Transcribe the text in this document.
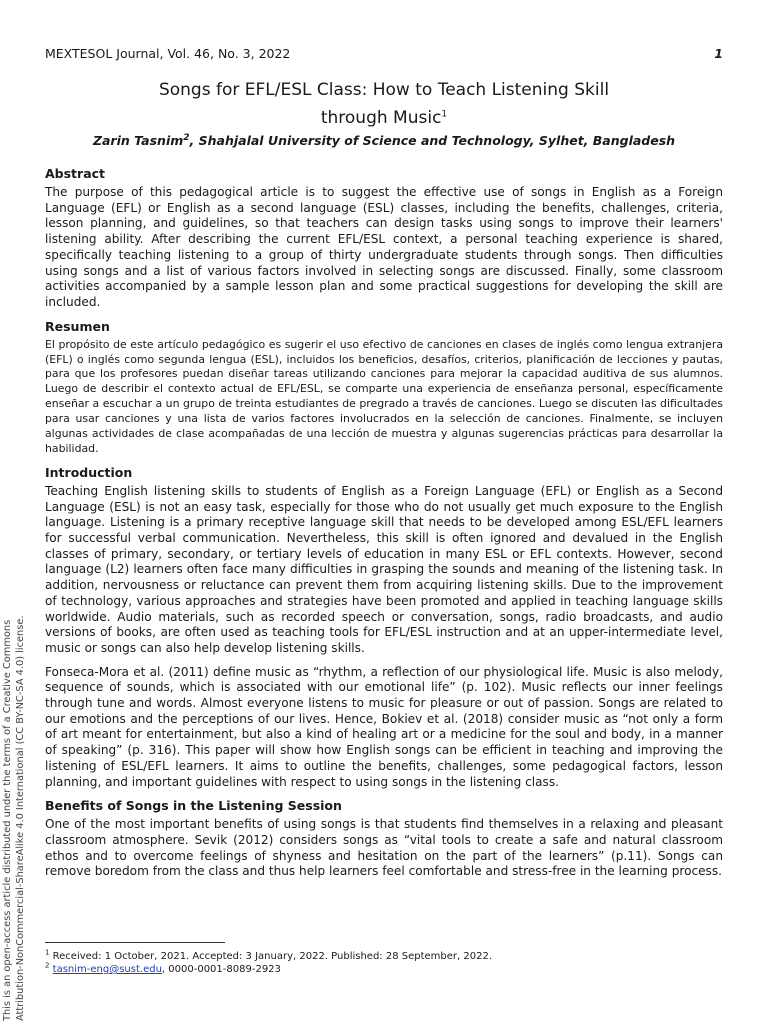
MEXTESOL Journal, Vol. 46, No. 3, 2022	1
Songs for EFL/ESL Class: How to Teach Listening Skill
through Music$^1$
Zarin Tasnim$^2$, Shahjalal University of Science and Technology, Sylhet, Bangladesh
Abstract

The purpose of this pedagogical article is to suggest the effective use of songs in English as a Foreign Language (EFL) or English as a second language (ESL) classes, including the benefits, challenges, criteria, lesson planning, and guidelines, so that teachers can design tasks using songs to improve their learners' listening ability. After describing the current EFL/ESL context, a personal teaching experience is shared, specifically teaching listening to a group of thirty undergraduate students through songs. Then difficulties using songs and a list of various factors involved in selecting songs are discussed. Finally, some classroom activities accompanied by a sample lesson plan and some practical suggestions for developing the skill are included.

Resumen

El propósito de este artículo pedagógico es sugerir el uso efectivo de canciones en clases de inglés como lengua extranjera (EFL) o inglés como segunda lengua (ESL), incluidos los beneficios, desafíos, criterios, planificación de lecciones y pautas, para que los profesores puedan diseñar tareas utilizando canciones para mejorar la capacidad auditiva de sus alumnos. Luego de describir el contexto actual de EFL/ESL, se comparte una experiencia de enseñanza personal, específicamente enseñar a escuchar a un grupo de treinta estudiantes de pregrado a través de canciones. Luego se discuten las dificultades para usar canciones y una lista de varios factores involucrados en la selección de canciones. Finalmente, se incluyen algunas actividades de clase acompañadas de una lección de muestra y algunas sugerencias prácticas para desarrollar la habilidad.

Introduction

Teaching English listening skills to students of English as a Foreign Language (EFL) or English as a Second Language (ESL) is not an easy task, especially for those who do not usually get much exposure to the English language. Listening is a primary receptive language skill that needs to be developed among ESL/EFL learners for successful verbal communication. Nevertheless, this skill is often ignored and devalued in the English classes of primary, secondary, or tertiary levels of education in many ESL or EFL contexts. However, second language (L2) learners often face many difficulties in grasping the sounds and meaning of the listening task. In addition, nervousness or reluctance can prevent them from acquiring listening skills. Due to the improvement of technology, various approaches and strategies have been promoted and applied in teaching language skills worldwide. Audio materials, such as recorded speech or conversation, songs, radio broadcasts, and audio versions of books, are often used as teaching tools for EFL/ESL instruction and at an upper-intermediate level, music or songs can also help develop listening skills.

Fonseca-Mora et al. (2011) define music as “rhythm, a reflection of our physiological life. Music is also melody, sequence of sounds, which is associated with our emotional life” (p. 102). Music reflects our inner feelings through tune and words. Almost everyone listens to music for pleasure or out of passion. Songs are related to our emotions and the perceptions of our lives. Hence, Bokiev et al. (2018) consider music as “not only a form of art meant for entertainment, but also a kind of healing art or a medicine for the soul and body, in a manner of speaking” (p. 316). This paper will show how English songs can be efficient in teaching and improving the listening of ESL/EFL learners. It aims to outline the benefits, challenges, some pedagogical factors, lesson planning, and important guidelines with respect to using songs in the listening class.

Benefits of Songs in the Listening Session

One of the most important benefits of using songs is that students find themselves in a relaxing and pleasant classroom atmosphere. Sevik (2012) considers songs as “vital tools to create a safe and natural classroom ethos and to overcome feelings of shyness and hesitation on the part of the learners” (p.11). Songs can remove boredom from the class and thus help learners feel comfortable and stress-free in the learning process.

This is an open-access article distributed under the terms of a Creative Commons Attribution-NonCommercial-ShareAlike 4.0 International (CC BY-NC-SA 4.0) license.	$^1$ Received: 1 October, 2021. Accepted: 3 January, 2022. Published: 28 September, 2022.
$^2$ tasnim-eng@sust.edu, 0000-0001-8089-2923
